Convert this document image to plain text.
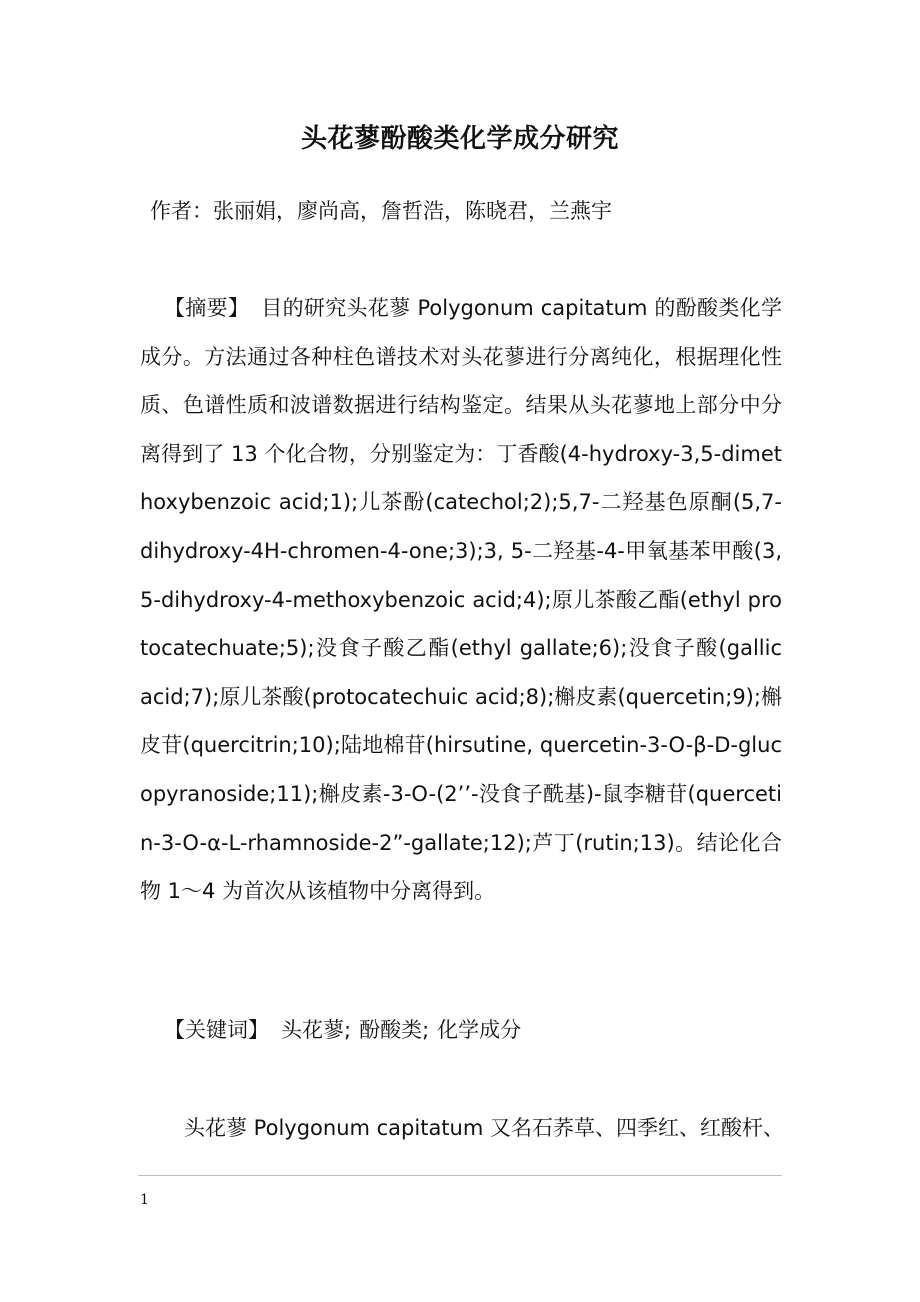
头花蓼酚酸类化学成分研究
作者：张丽娟，廖尚高，詹哲浩，陈晓君，兰燕宇
【摘要】 目的研究头花蓼 Polygonum capitatum 的酚酸类化学成分。方法通过各种柱色谱技术对头花蓼进行分离纯化，根据理化性质、色谱性质和波谱数据进行结构鉴定。结果从头花蓼地上部分中分离得到了 13 个化合物，分别鉴定为：丁香酸(4-hydroxy-3,5-dimethoxybenzoic acid;1);儿茶酚(catechol;2);5,7-二羟基色原酮(5,7-dihydroxy-4H-chromen-4-one;3);3, 5-二羟基-4-甲氧基苯甲酸(3,5-dihydroxy-4-methoxybenzoic acid;4);原儿茶酸乙酯(ethyl protocatechuate;5);没食子酸乙酯(ethyl gallate;6);没食子酸(gallic acid;7);原儿茶酸(protocatechuic acid;8);槲皮素(quercetin;9);槲皮苷(quercitrin;10);陆地棉苷(hirsutine, quercetin-3-O-β-D-glucopyranoside;11);槲皮素-3-O-(2’’-没食子酰基)-鼠李糖苷(quercetin-3-O-α-L-rhamnoside-2”-gallate;12);芦丁(rutin;13)。结论化合物 1～4 为首次从该植物中分离得到。
【关键词】 头花蓼; 酚酸类; 化学成分
头花蓼 Polygonum capitatum 又名石荞草、四季红、红酸杆、
1
